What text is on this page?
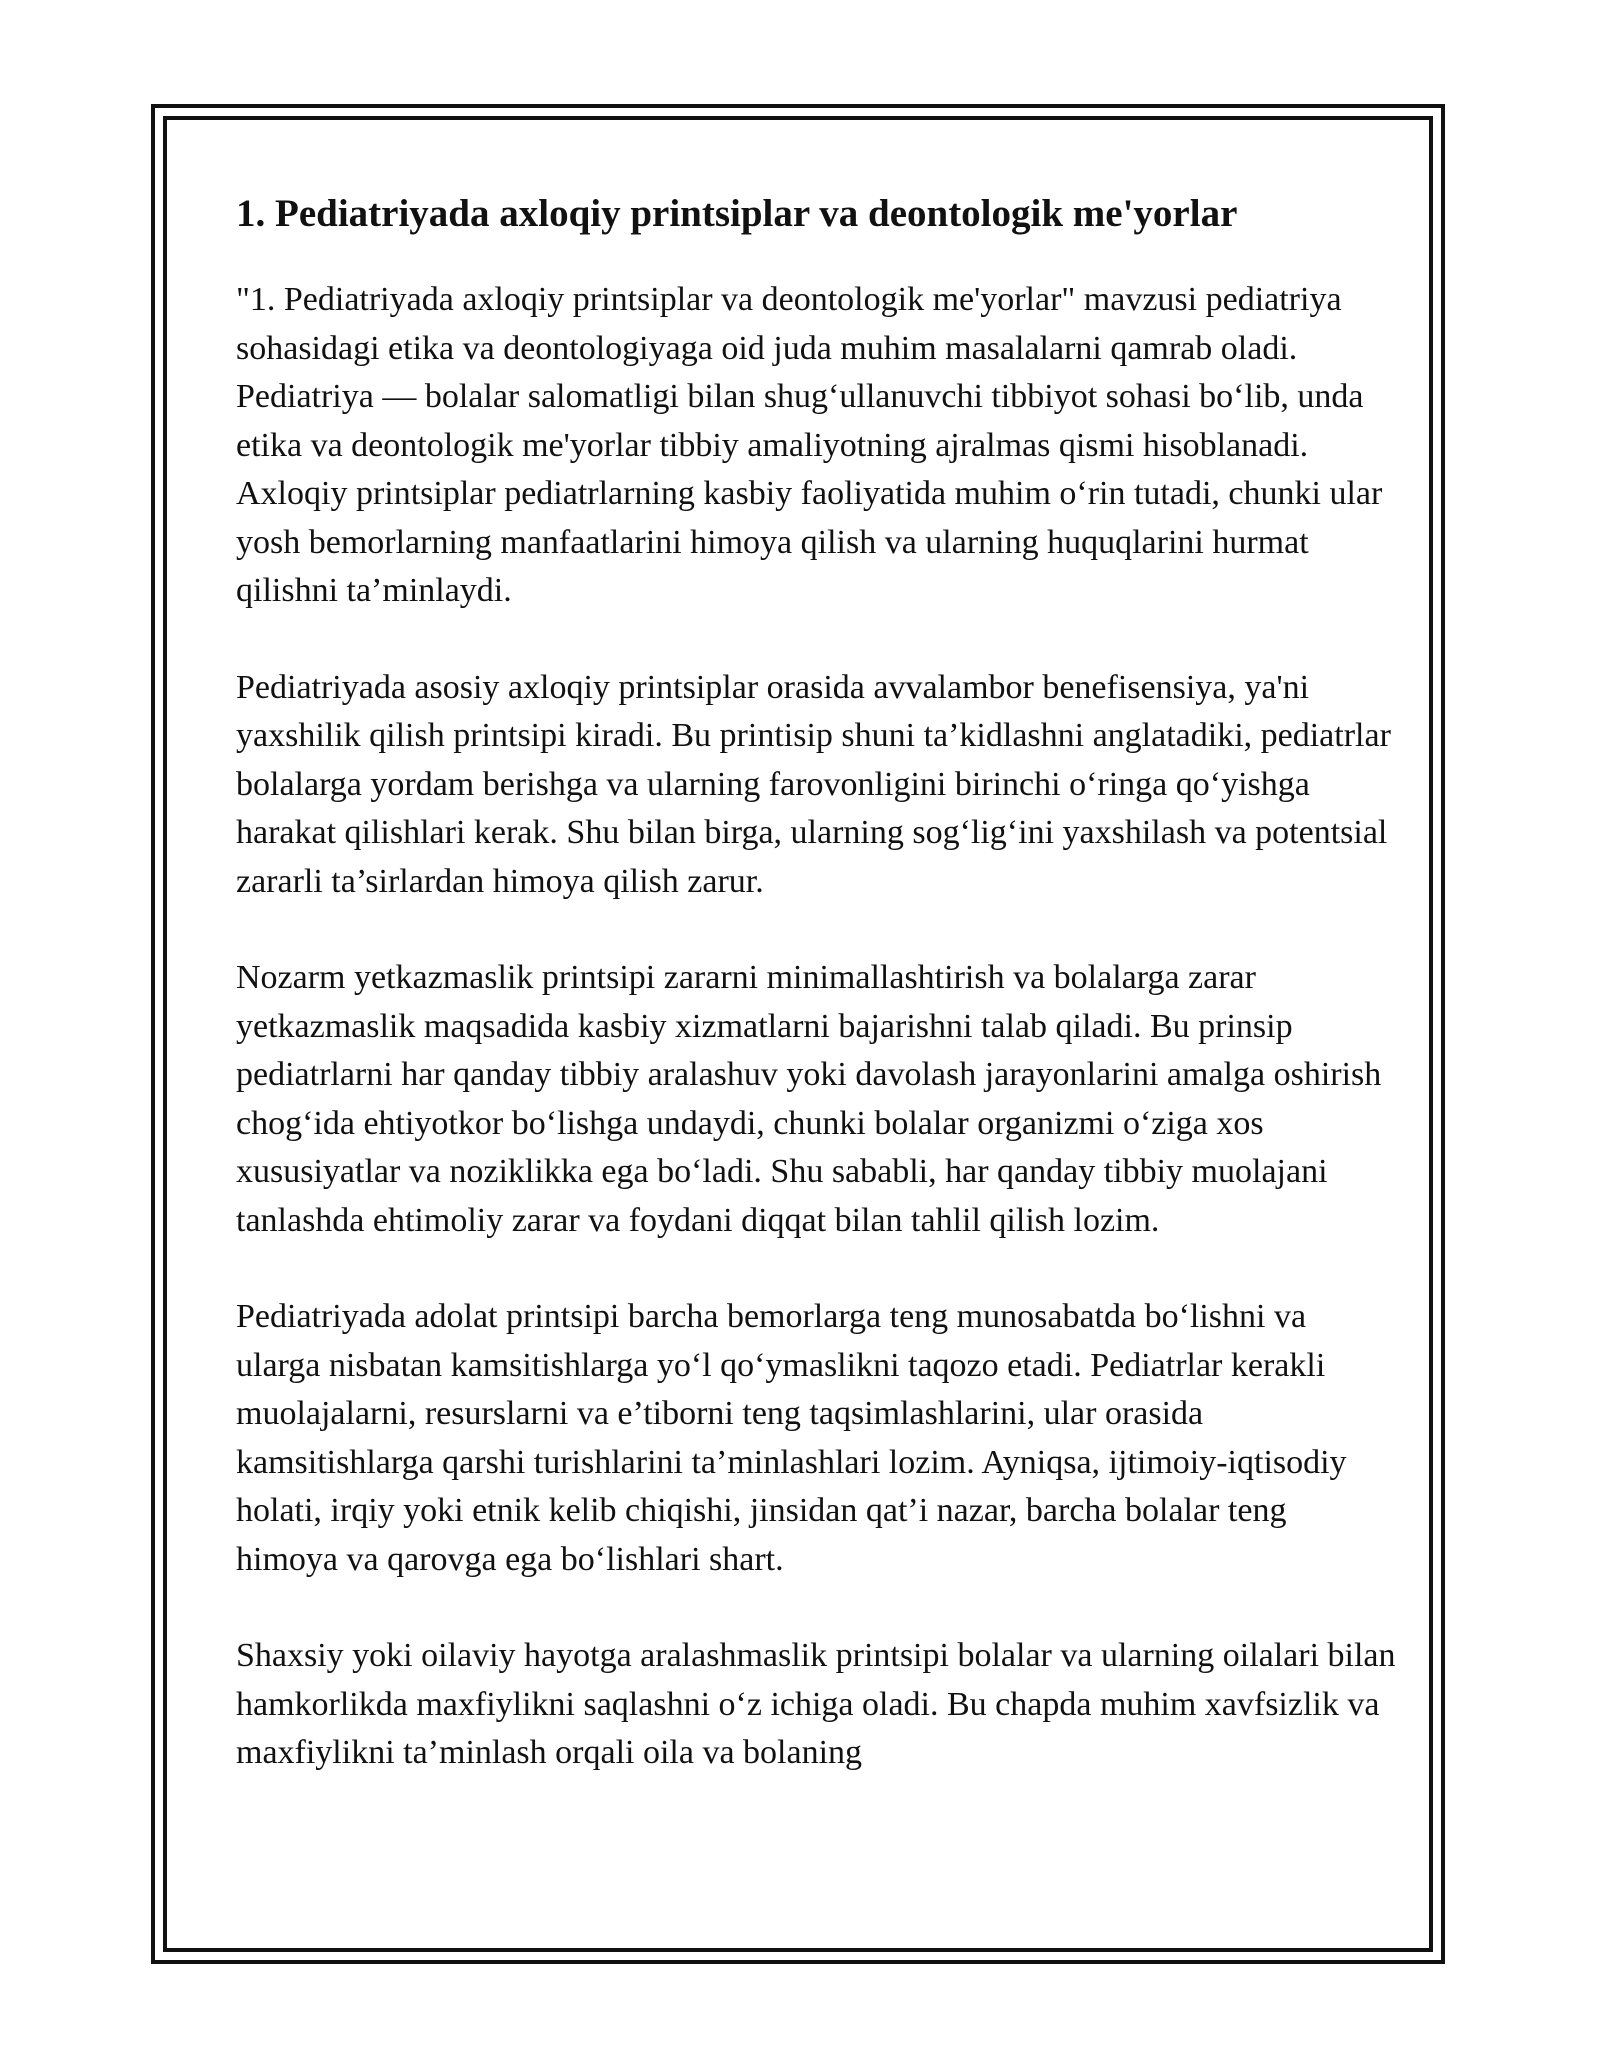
1. Pediatriyada axloqiy printsiplar va deontologik me'yorlar

"1. Pediatriyada axloqiy printsiplar va deontologik me'yorlar" mavzusi pediatriya sohasidagi etika va deontologiyaga oid juda muhim masalalarni qamrab oladi. Pediatriya — bolalar salomatligi bilan shug‘ullanuvchi tibbiyot sohasi bo‘lib, unda etika va deontologik me'yorlar tibbiy amaliyotning ajralmas qismi hisoblanadi. Axloqiy printsiplar pediatrlarning kasbiy faoliyatida muhim o‘rin tutadi, chunki ular yosh bemorlarning manfaatlarini himoya qilish va ularning huquqlarini hurmat qilishni ta’minlaydi.

Pediatriyada asosiy axloqiy printsiplar orasida avvalambor benefisensiya, ya'ni yaxshilik qilish printsipi kiradi. Bu printisip shuni ta’kidlashni anglatadiki, pediatrlar bolalarga yordam berishga va ularning farovonligini birinchi o‘ringa qo‘yishga harakat qilishlari kerak. Shu bilan birga, ularning sog‘lig‘ini yaxshilash va potentsial zararli ta’sirlardan himoya qilish zarur.

Nozarm yetkazmaslik printsipi zararni minimallashtirish va bolalarga zarar yetkazmaslik maqsadida kasbiy xizmatlarni bajarishni talab qiladi. Bu prinsip pediatrlarni har qanday tibbiy aralashuv yoki davolash jarayonlarini amalga oshirish chog‘ida ehtiyotkor bo‘lishga undaydi, chunki bolalar organizmi o‘ziga xos xususiyatlar va noziklikka ega bo‘ladi. Shu sababli, har qanday tibbiy muolajani tanlashda ehtimoliy zarar va foydani diqqat bilan tahlil qilish lozim.

Pediatriyada adolat printsipi barcha bemorlarga teng munosabatda bo‘lishni va ularga nisbatan kamsitishlarga yo‘l qo‘ymaslikni taqozo etadi. Pediatrlar kerakli muolajalarni, resurslarni va e’tiborni teng taqsimlashlarini, ular orasida kamsitishlarga qarshi turishlarini ta’minlashlari lozim. Ayniqsa, ijtimoiy-iqtisodiy holati, irqiy yoki etnik kelib chiqishi, jinsidan qat’i nazar, barcha bolalar teng himoya va qarovga ega bo‘lishlari shart.

Shaxsiy yoki oilaviy hayotga aralashmaslik printsipi bolalar va ularning oilalari bilan hamkorlikda maxfiylikni saqlashni o‘z ichiga oladi. Bu chapda muhim xavfsizlik va maxfiylikni ta’minlash orqali oila va bolaning
